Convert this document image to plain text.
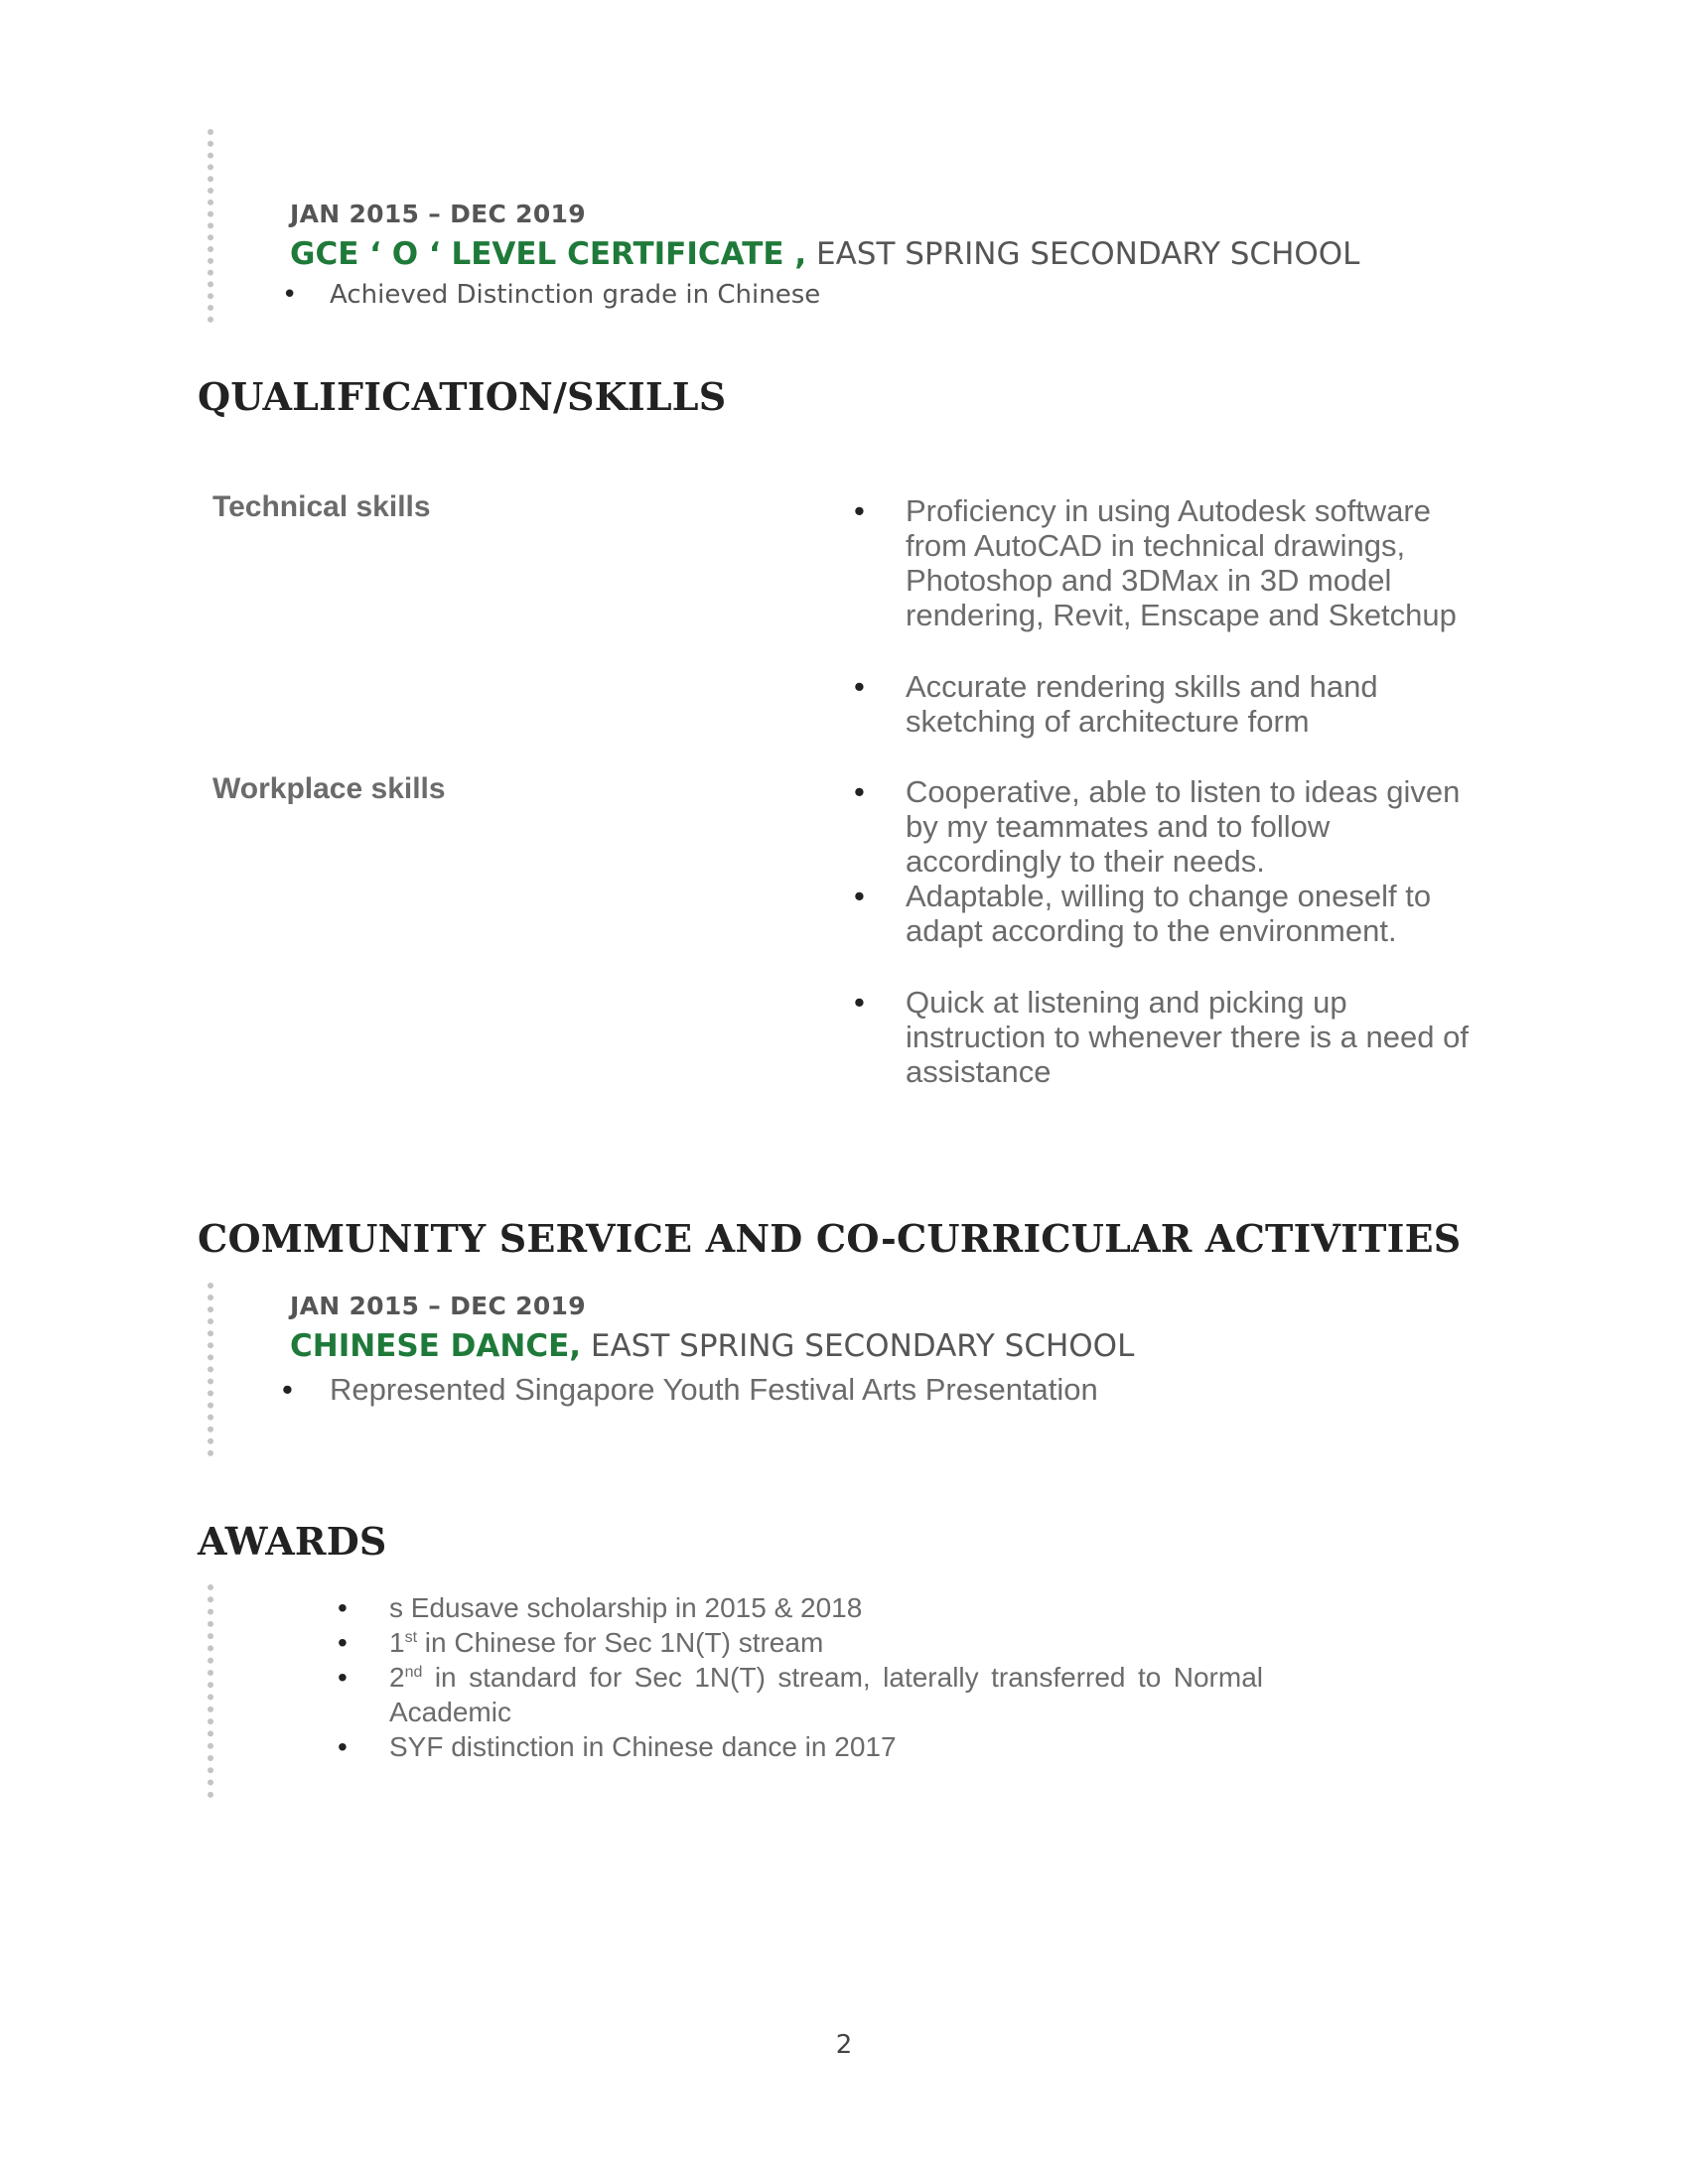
JAN 2015 – DEC 2019
GCE ‘ O ‘ LEVEL CERTIFICATE , EAST SPRING SECONDARY SCHOOL
• Achieved Distinction grade in Chinese
QUALIFICATION/SKILLS
Technical skills	• Proficiency in using Autodesk software from AutoCAD in technical drawings, Photoshop and 3DMax in 3D model rendering, Revit, Enscape and Sketchup
• Accurate rendering skills and hand sketching of architecture form
Workplace skills	• Cooperative, able to listen to ideas given by my teammates and to follow accordingly to their needs.
• Adaptable, willing to change oneself to adapt according to the environment.
• Quick at listening and picking up instruction to whenever there is a need of assistance
COMMUNITY SERVICE AND CO-CURRICULAR ACTIVITIES
JAN 2015 – DEC 2019
CHINESE DANCE, EAST SPRING SECONDARY SCHOOL
• Represented Singapore Youth Festival Arts Presentation
AWARDS
• s Edusave scholarship in 2015 & 2018
• 1st in Chinese for Sec 1N(T) stream
• 2nd in standard for Sec 1N(T) stream, laterally transferred to Normal Academic
• SYF distinction in Chinese dance in 2017
2
